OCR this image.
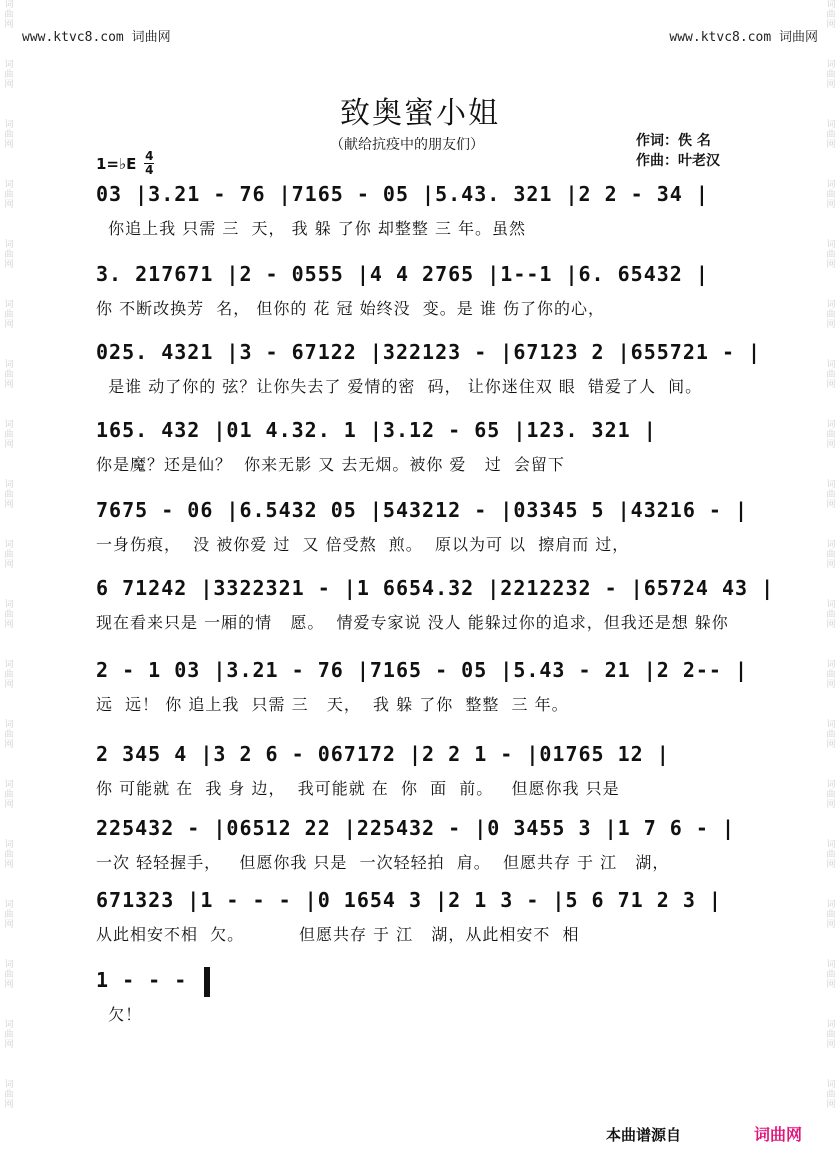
词曲网
词曲网
词曲网
词曲网
词曲网
词曲网
词曲网
词曲网
词曲网
词曲网
词曲网
词曲网
词曲网
词曲网
词曲网
词曲网
词曲网
词曲网
词曲网
词曲网
词曲网
词曲网
词曲网
词曲网
词曲网
词曲网
词曲网
词曲网
词曲网
词曲网
词曲网
词曲网
词曲网
词曲网
词曲网
词曲网
词曲网
词曲网
www.ktvc8.com 词曲网	www.ktvc8.com 词曲网
致奥蜜小姐
（献给抗疫中的朋友们）	作词：佚 名
作曲：叶老汉
1=♭E 4
4
03 |3.21 - 76 |7165 - 05 |5.43. 321 |2 2 - 34 |
你追上我 只需 三  天， 我 躲 了你 却整整 三 年。虽然
3. 217671 |2 - 0555 |4 4 2765 |1--1 |6. 65432 |
你 不断改换芳  名， 但你的 花 冠 始终没  变。是 谁 伤了你的心，
025. 4321 |3 - 67122 |322123 - |67123 2 |655721 - |
是谁 动了你的 弦？让你失去了 爱情的密  码， 让你迷住双 眼  错爱了人  间。
165. 432 |01 4.32. 1 |3.12 - 65 |123. 321 |
你是魔？还是仙？  你来无影 又 去无烟。被你 爱   过  会留下
7675 - 06 |6.5432 05 |543212 - |03345 5 |43216 - |
一身伤痕，  没 被你爱 过  又 倍受熬  煎。  原以为可 以  擦肩而 过，
6 71242 |3322321 - |1 6654.32 |2212232 - |65724 43 |
现在看来只是 一厢的情   愿。  情爱专家说 没人 能躲过你的追求，但我还是想 躲你
2 - 1 03 |3.21 - 76 |7165 - 05 |5.43 - 21 |2 2-- |
远  远！ 你 追上我  只需 三   天，  我 躲 了你  整整  三 年。
2 345 4 |3 2 6 - 067172 |2 2 1 - |01765 12 |
你 可能就 在  我 身 边，  我可能就 在  你  面  前。   但愿你我 只是
225432 - |06512 22 |225432 - |0 3455 3 |1 7 6 - |
一次 轻轻握手，   但愿你我 只是  一次轻轻拍  肩。  但愿共存 于 江   湖，
671323 |1 - - - |0 1654 3 |2 1 3 - |5 6 71 2 3 |
从此相安不相  欠。         但愿共存 于 江   湖，从此相安不  相
1 - - -
欠！
本曲谱源自	词曲网
